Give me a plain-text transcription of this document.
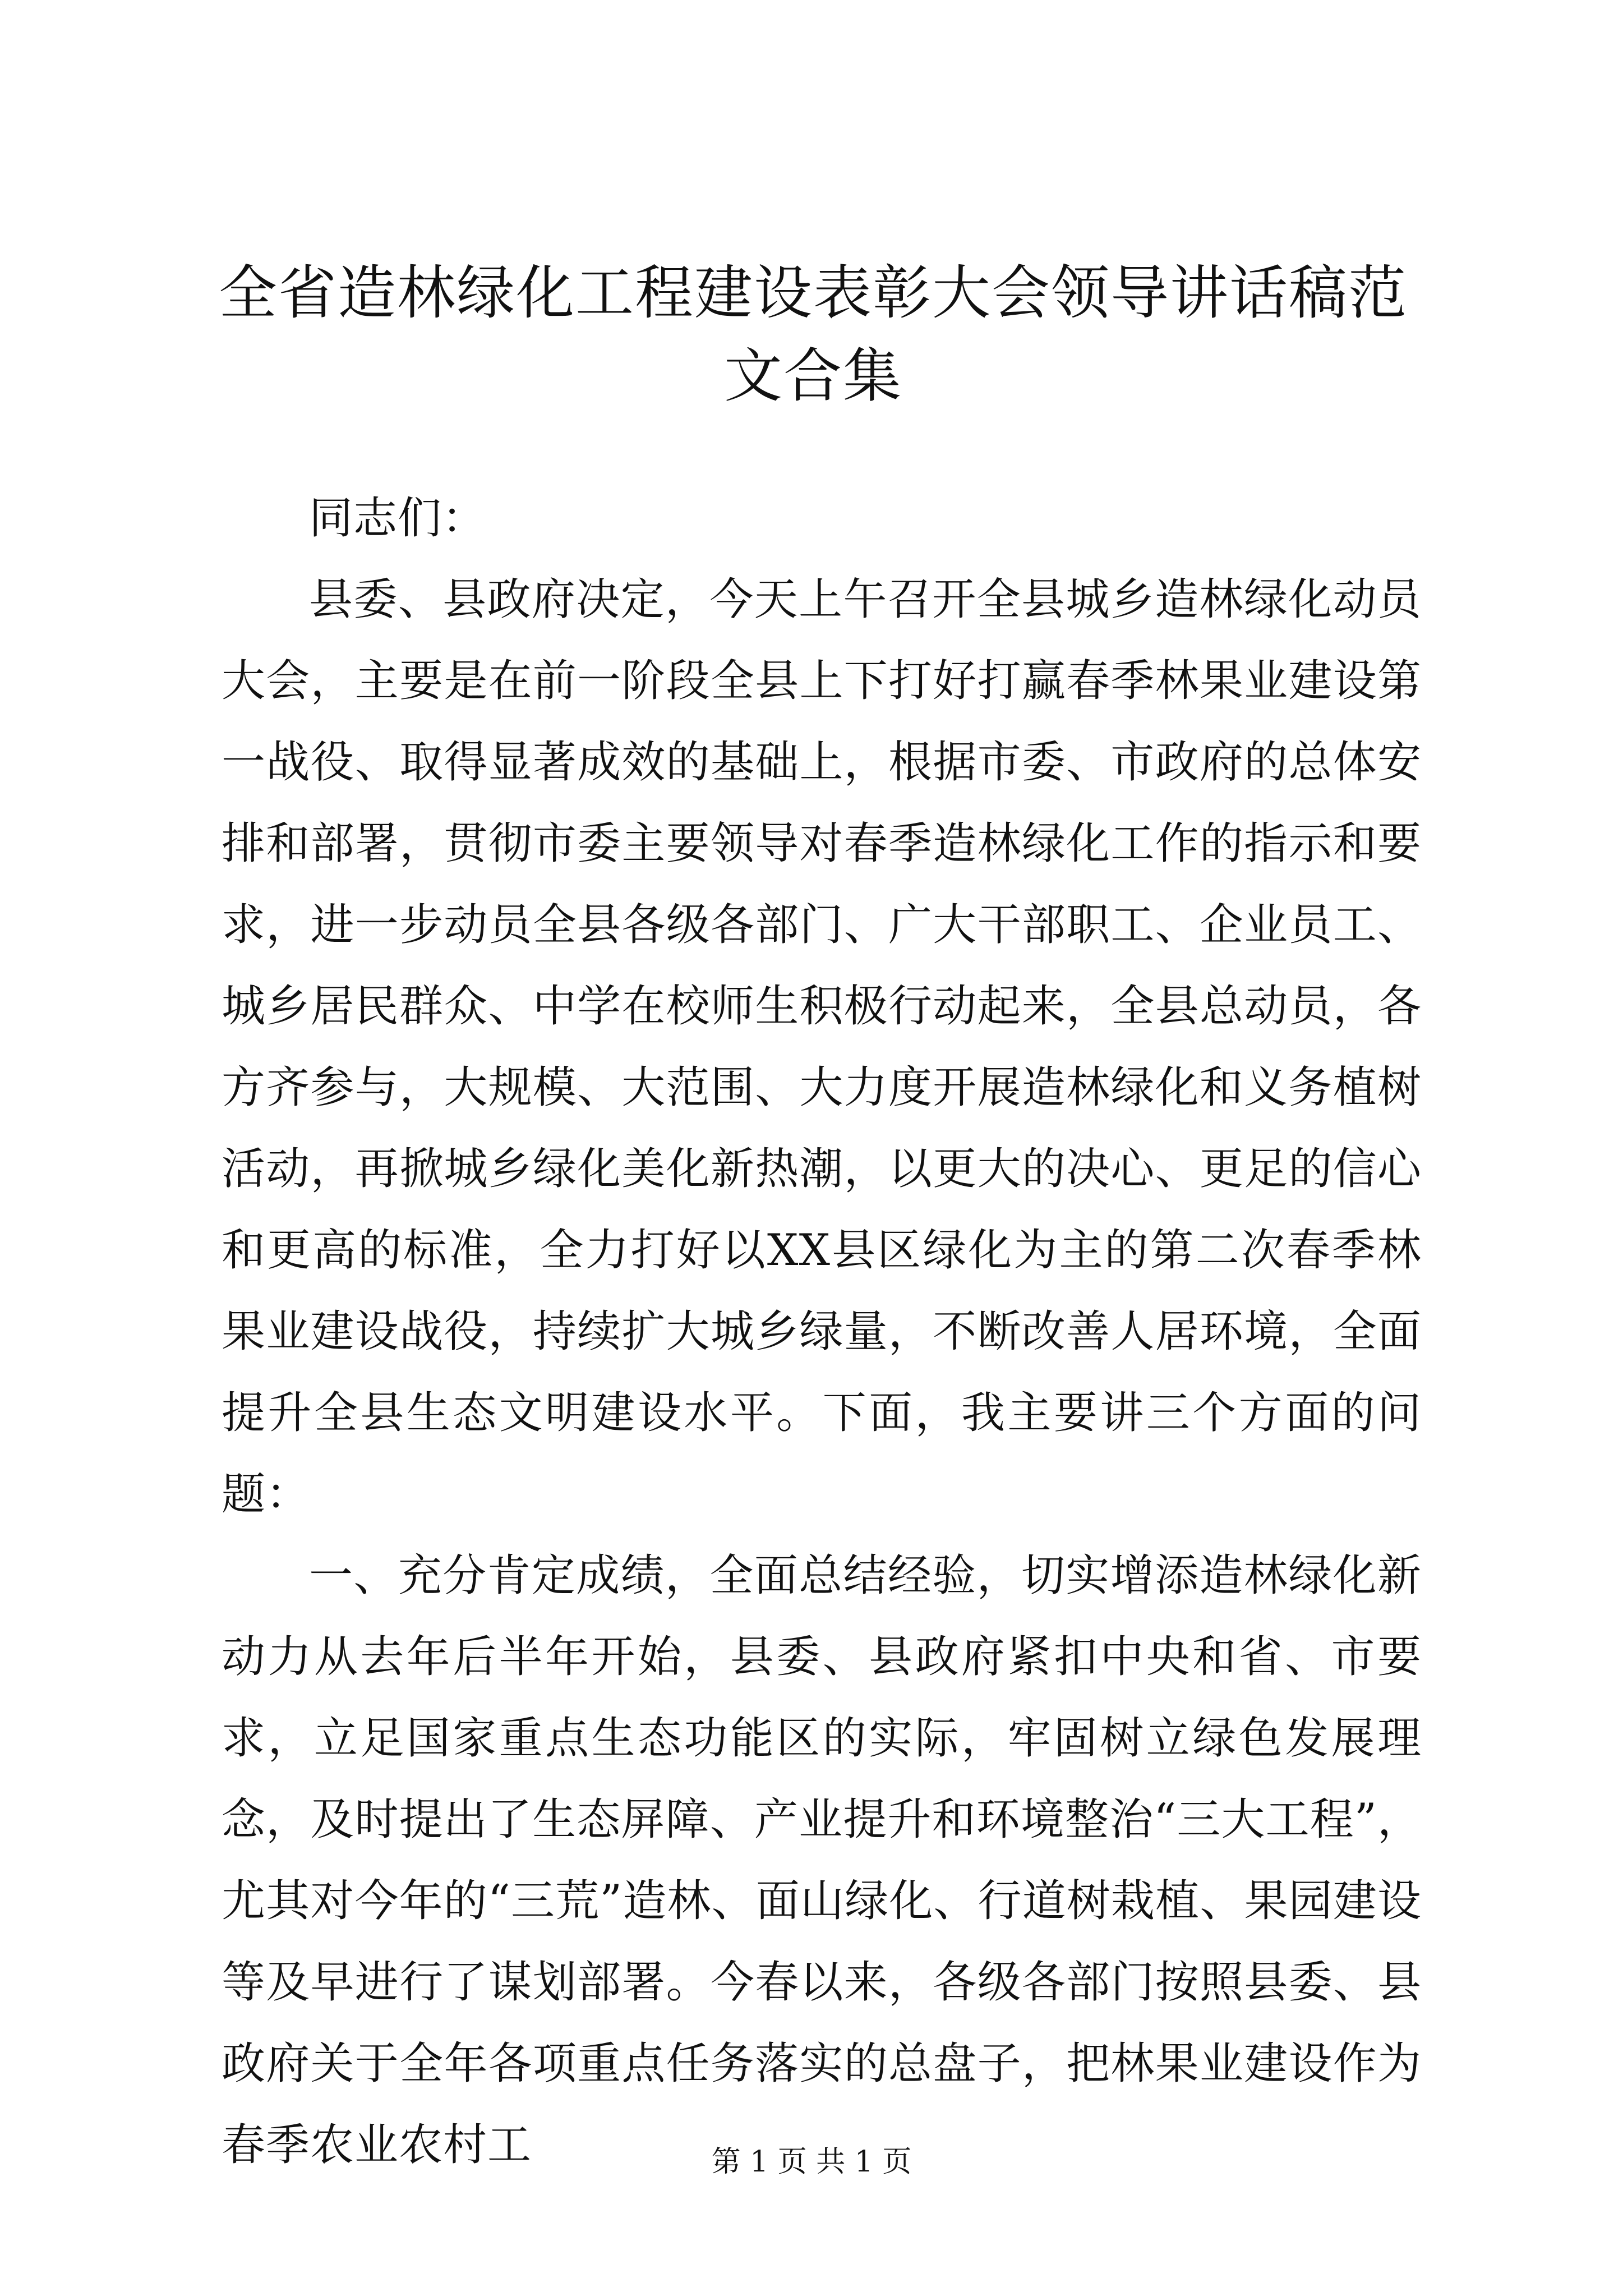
全省造林绿化工程建设表彰大会领导讲话稿范文合集

同志们：

县委、县政府决定，今天上午召开全县城乡造林绿化动员大会，主要是在前一阶段全县上下打好打赢春季林果业建设第一战役、取得显著成效的基础上，根据市委、市政府的总体安排和部署，贯彻市委主要领导对春季造林绿化工作的指示和要求，进一步动员全县各级各部门、广大干部职工、企业员工、城乡居民群众、中学在校师生积极行动起来，全县总动员，各方齐参与，大规模、大范围、大力度开展造林绿化和义务植树活动，再掀城乡绿化美化新热潮，以更大的决心、更足的信心和更高的标准，全力打好以XX县区绿化为主的第二次春季林果业建设战役，持续扩大城乡绿量，不断改善人居环境，全面提升全县生态文明建设水平。下面，我主要讲三个方面的问题：

一、充分肯定成绩，全面总结经验，切实增添造林绿化新动力从去年后半年开始，县委、县政府紧扣中央和省、市要求，立足国家重点生态功能区的实际，牢固树立绿色发展理念，及时提出了生态屏障、产业提升和环境整治“三大工程”，尤其对今年的“三荒”造林、面山绿化、行道树栽植、果园建设等及早进行了谋划部署。今春以来，各级各部门按照县委、县政府关于全年各项重点任务落实的总盘子，把林果业建设作为春季农业农村工	第 1 页 共 1 页
